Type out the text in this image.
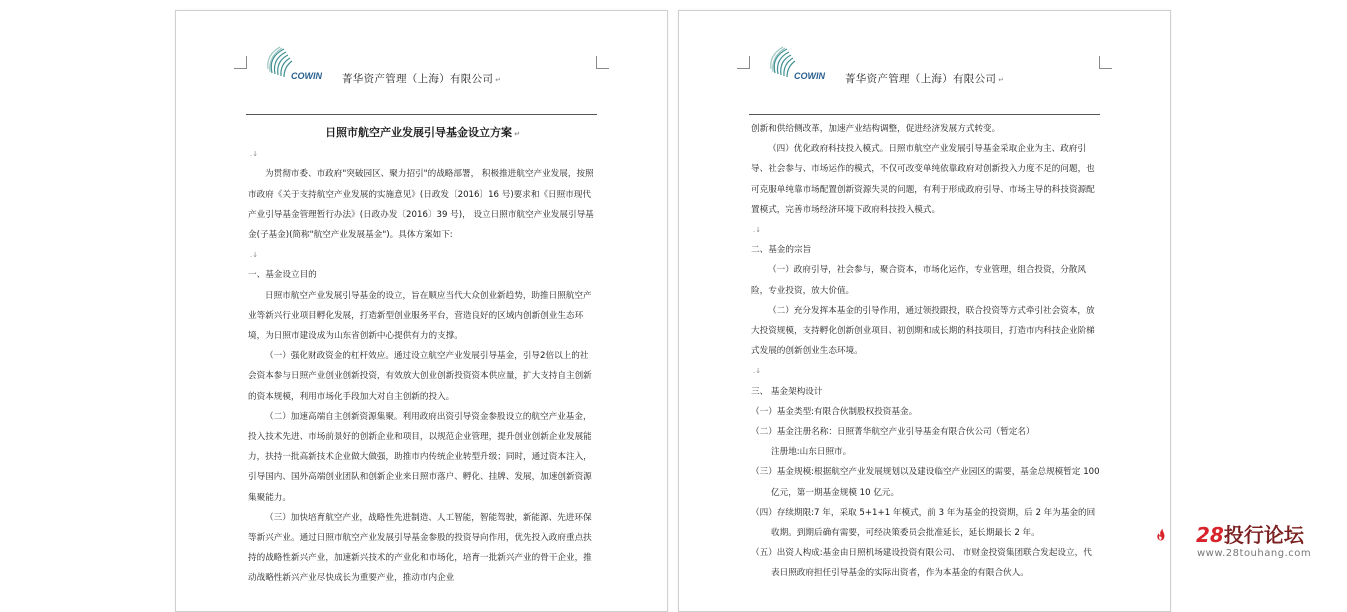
COWIN 菁华资产管理（上海）有限公司 ↵

日照市航空产业发展引导基金设立方案 ↵

.↓

为贯彻市委、市政府"突破园区、聚力招引"的战略部署， 积极推进航空产业发展，按照市政府《关于支持航空产业发展的实施意见》(日政发〔2016〕16 号)要求和《日照市现代产业引导基金管理暂行办法》(日政办发〔2016〕39 号)， 设立日照市航空产业发展引导基金(子基金)(简称"航空产业发展基金")。具体方案如下:

.↓

一、基金设立目的

日照市航空产业发展引导基金的设立，旨在顺应当代大众创业新趋势，助推日照航空产业等新兴行业项目孵化发展，打造新型创业服务平台，营造良好的区域内创新创业生态环境，为日照市建设成为山东省创新中心提供有力的支撑。

（一）强化财政资金的杠杆效应。通过设立航空产业发展引导基金，引导2倍以上的社会资本参与日照产业创业创新投资，有效放大创业创新投资资本供应量，扩大支持自主创新的资本规模，利用市场化手段加大对自主创新的投入。

（二）加速高端自主创新资源集聚。利用政府出资引导资金参股设立的航空产业基金，投入技术先进、市场前景好的创新企业和项目，以规范企业管理，提升创业创新企业发展能力，扶持一批高新技术企业做大做强，助推市内传统企业转型升级；同时，通过资本注入，引导国内、国外高端创业团队和创新企业来日照市落户、孵化、挂牌、发展，加速创新资源集聚能力。

（三）加快培育航空产业，战略性先进制造、人工智能，智能驾驶，新能源、先进环保等新兴产业。通过日照市航空产业发展引导基金参股的投资导向作用，优先投入政府重点扶持的战略性新兴产业，加速新兴技术的产业化和市场化，培育一批新兴产业的骨干企业，推动战略性新兴产业尽快成长为重要产业，推动市内企业

COWIN 菁华资产管理（上海）有限公司 ↵

创新和供给侧改革，加速产业结构调整，促进经济发展方式转变。

（四）优化政府科技投入模式。日照市航空产业发展引导基金采取企业为主、政府引导、社会参与、市场运作的模式，不仅可改变单纯依靠政府对创新投入力度不足的问题，也可克服单纯靠市场配置创新资源失灵的问题，有利于形成政府引导、市场主导的科技资源配置模式，完善市场经济环境下政府科技投入模式。

.↓

二、基金的宗旨

（一）政府引导，社会参与，聚合资本，市场化运作，专业管理，组合投资，分散风险，专业投资，放大价值。

（二）充分发挥本基金的引导作用，通过领投跟投，联合投资等方式牵引社会资本，放大投资规模，支持孵化创新创业项目、初创期和成长期的科技项目，打造市内科技企业阶梯式发展的创新创业生态环境。

.↓

三、 基金架构设计

（一）基金类型:有限合伙制股权投资基金。

（二）基金注册名称：日照菁华航空产业引导基金有限合伙公司（暂定名）

注册地:山东日照市。

（三）基金规模:根据航空产业发展规划以及建设临空产业园区的需要，基金总规模暂定 100 亿元，第一期基金规模 10 亿元。

（四）存续期限:7 年，采取 5+1+1 年模式，前 3 年为基金的投资期，后 2 年为基金的回收期。到期后确有需要，可经决策委员会批准延长，延长期最长 2 年。

（五）出资人构成:基金由日照机场建设投资有限公司、 市财金投资集团联合发起设立，代表日照政府担任引导基金的实际出资者，作为本基金的有限合伙人。

28投行论坛
www.28touhang.com
